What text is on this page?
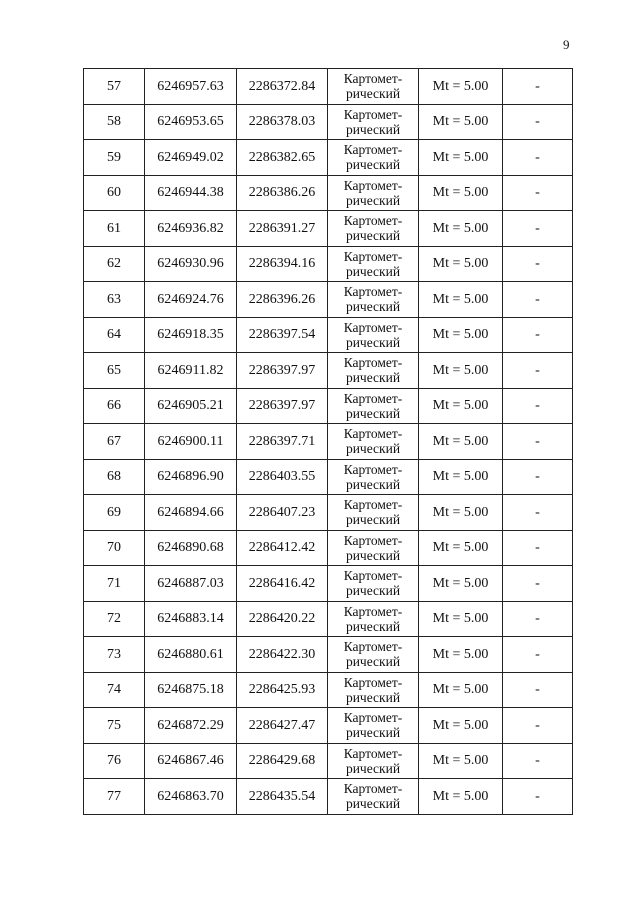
9
57	6246957.63	2286372.84	Картомет-
рический	Mt = 5.00	-
58	6246953.65	2286378.03	Картомет-
рический	Mt = 5.00	-
59	6246949.02	2286382.65	Картомет-
рический	Mt = 5.00	-
60	6246944.38	2286386.26	Картомет-
рический	Mt = 5.00	-
61	6246936.82	2286391.27	Картомет-
рический	Mt = 5.00	-
62	6246930.96	2286394.16	Картомет-
рический	Mt = 5.00	-
63	6246924.76	2286396.26	Картомет-
рический	Mt = 5.00	-
64	6246918.35	2286397.54	Картомет-
рический	Mt = 5.00	-
65	6246911.82	2286397.97	Картомет-
рический	Mt = 5.00	-
66	6246905.21	2286397.97	Картомет-
рический	Mt = 5.00	-
67	6246900.11	2286397.71	Картомет-
рический	Mt = 5.00	-
68	6246896.90	2286403.55	Картомет-
рический	Mt = 5.00	-
69	6246894.66	2286407.23	Картомет-
рический	Mt = 5.00	-
70	6246890.68	2286412.42	Картомет-
рический	Mt = 5.00	-
71	6246887.03	2286416.42	Картомет-
рический	Mt = 5.00	-
72	6246883.14	2286420.22	Картомет-
рический	Mt = 5.00	-
73	6246880.61	2286422.30	Картомет-
рический	Mt = 5.00	-
74	6246875.18	2286425.93	Картомет-
рический	Mt = 5.00	-
75	6246872.29	2286427.47	Картомет-
рический	Mt = 5.00	-
76	6246867.46	2286429.68	Картомет-
рический	Mt = 5.00	-
77	6246863.70	2286435.54	Картомет-
рический	Mt = 5.00	-
